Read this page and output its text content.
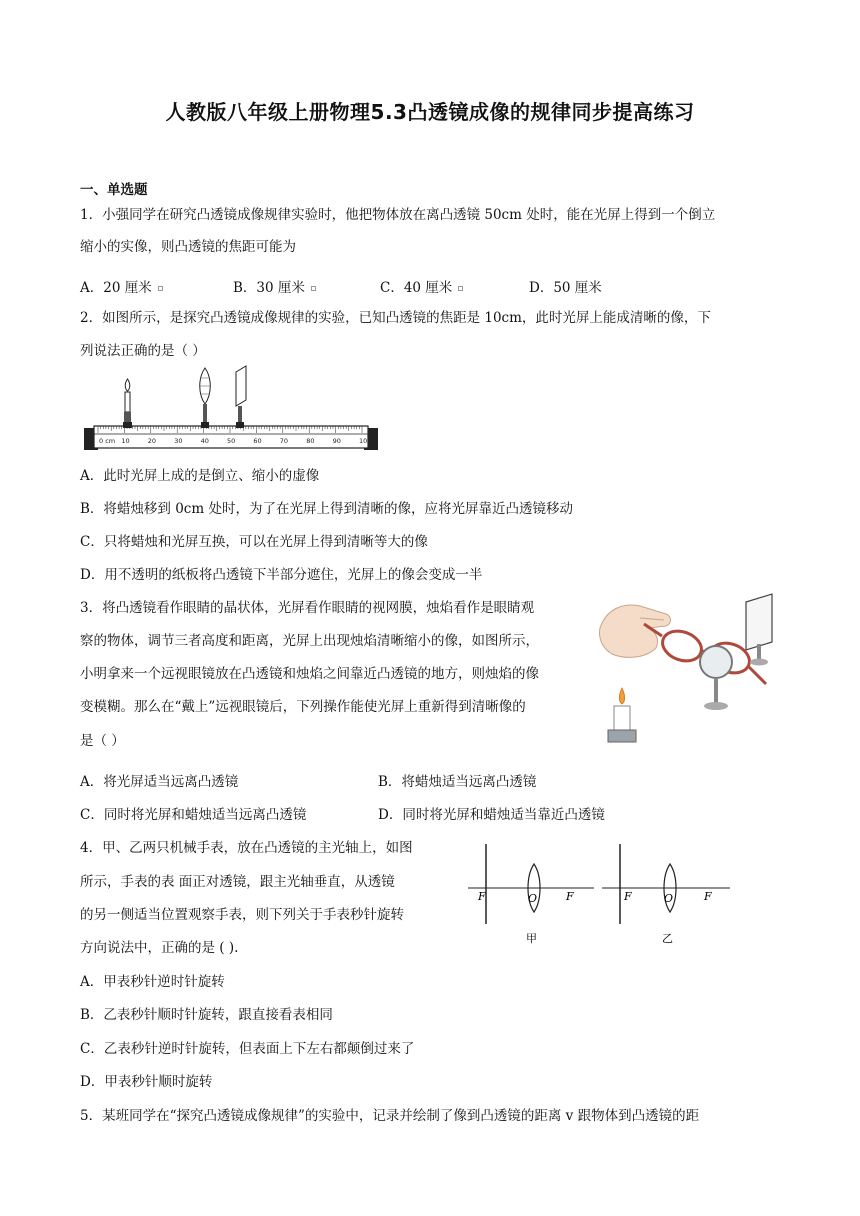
人教版八年级上册物理5.3凸透镜成像的规律同步提高练习
一、单选题
1．小强同学在研究凸透镜成像规律实验时，他把物体放在离凸透镜 50cm 处时，能在光屏上得到一个倒立
缩小的实像，则凸透镜的焦距可能为
A．20 厘米	B．30 厘米	C．40 厘米	D．50 厘米
2．如图所示，是探究凸透镜成像规律的实验，已知凸透镜的焦距是 10cm，此时光屏上能成清晰的像，下
列说法正确的是（ ）
0 cm 10	20	30	40	50	60	70	80	90	100
A．此时光屏上成的是倒立、缩小的虚像
B．将蜡烛移到 0cm 处时，为了在光屏上得到清晰的像，应将光屏靠近凸透镜移动
C．只将蜡烛和光屏互换，可以在光屏上得到清晰等大的像
D．用不透明的纸板将凸透镜下半部分遮住，光屏上的像会变成一半
3．将凸透镜看作眼睛的晶状体，光屏看作眼睛的视网膜，烛焰看作是眼睛观
察的物体，调节三者高度和距离，光屏上出现烛焰清晰缩小的像，如图所示，
小明拿来一个远视眼镜放在凸透镜和烛焰之间靠近凸透镜的地方，则烛焰的像
变模糊。那么在“戴上”远视眼镜后，下列操作能使光屏上重新得到清晰像的
是（ ）
A．将光屏适当远离凸透镜	B．将蜡烛适当远离凸透镜
C．同时将光屏和蜡烛适当远离凸透镜	D．同时将光屏和蜡烛适当靠近凸透镜
4．甲、乙两只机械手表，放在凸透镜的主光轴上，如图
所示，手表的表 面正对透镜，跟主光轴垂直，从透镜
的另一侧适当位置观察手表，则下列关于手表秒针旋转
方向说法中，正确的是 ( ).
F	O	F
甲
F	O	F
乙
A．甲表秒针逆时针旋转
B．乙表秒针顺时针旋转，跟直接看表相同
C．乙表秒针逆时针旋转，但表面上下左右都颠倒过来了
D．甲表秒针顺时旋转
5．某班同学在“探究凸透镜成像规律”的实验中，记录并绘制了像到凸透镜的距离 v 跟物体到凸透镜的距
